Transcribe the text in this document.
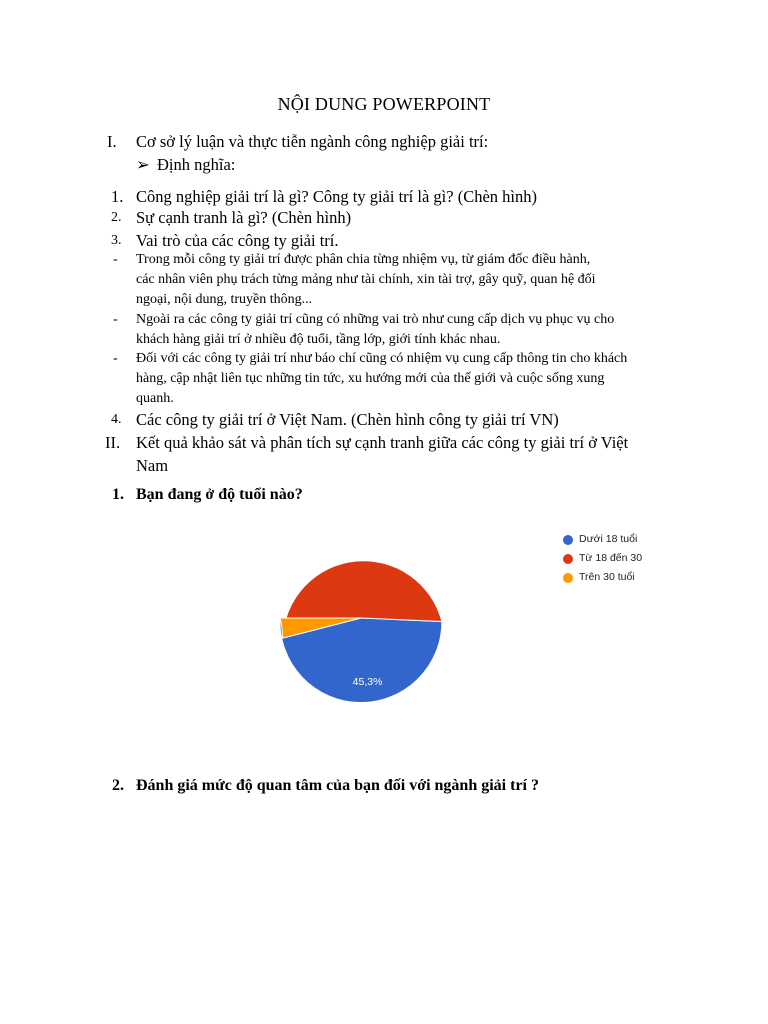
NỘI DUNG POWERPOINT
I. Cơ sở lý luận và thực tiễn ngành công nghiệp giải trí:
➢ Định nghĩa:
1. Công nghiệp giải trí là gì? Công ty giải trí là gì? (Chèn hình)
2. Sự cạnh tranh là gì? (Chèn hình)
3. Vai trò của các công ty giải trí.
- Trong mỗi công ty giải trí được phân chia từng nhiệm vụ, từ giám đốc điều hành,
các nhân viên phụ trách từng mảng như tài chính, xin tài trợ, gây quỹ, quan hệ đối
ngoại, nội dung, truyền thông...
- Ngoài ra các công ty giải trí cũng có những vai trò như cung cấp dịch vụ phục vụ cho
khách hàng giải trí ở nhiều độ tuổi, tầng lớp, giới tính khác nhau.
- Đối với các công ty giải trí như báo chí cũng có nhiệm vụ cung cấp thông tin cho khách
hàng, cập nhật liên tục những tin tức, xu hướng mới của thế giới và cuộc sống xung
quanh.
4. Các công ty giải trí ở Việt Nam. (Chèn hình công ty giải trí VN)
II. Kết quả khảo sát và phân tích sự cạnh tranh giữa các công ty giải trí ở Việt
Nam
1. Bạn đang ở độ tuổi nào?
50,7%
45,3%
Dưới 18 tuổi
Từ 18 đến 30
Trên 30 tuổi
2. Đánh giá mức độ quan tâm của bạn đối với ngành giải trí ?
